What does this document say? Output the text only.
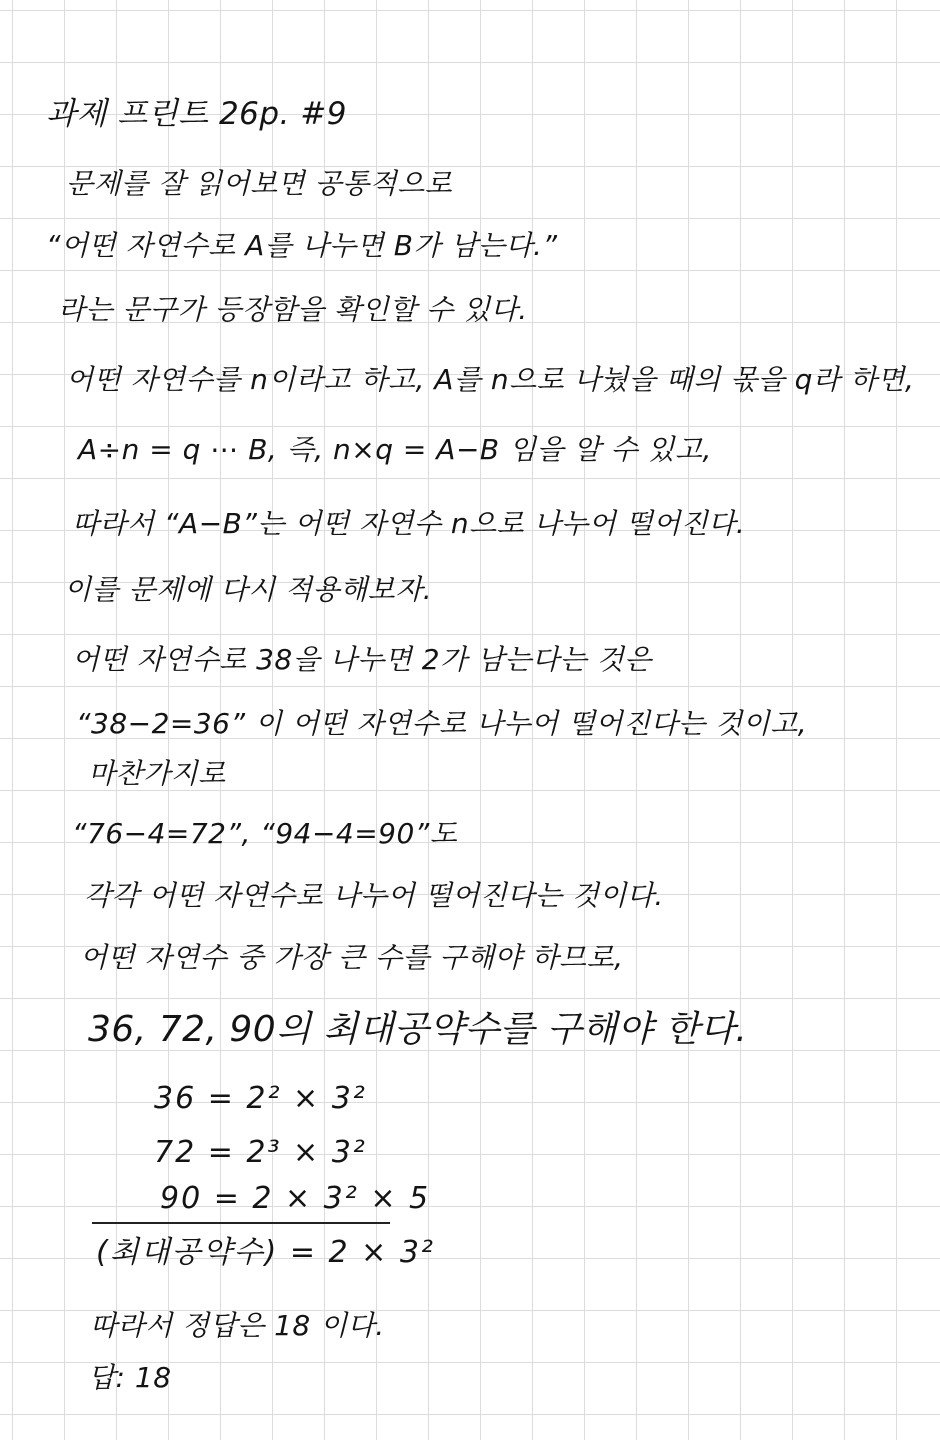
과제 프린트 26p. #9
문제를 잘 읽어보면 공통적으로
“어떤 자연수로 A를 나누면 B가 남는다.”
라는 문구가 등장함을 확인할 수 있다.
어떤 자연수를 n이라고 하고, A를 n으로 나눴을 때의 몫을 q라 하면,
A÷n = q ⋯ B, 즉, n×q = A−B 임을 알 수 있고,
따라서 “A−B”는 어떤 자연수 n으로 나누어 떨어진다.
이를 문제에 다시 적용해보자.
어떤 자연수로 38을 나누면 2가 남는다는 것은
“38−2=36” 이 어떤 자연수로 나누어 떨어진다는 것이고,
마찬가지로
“76−4=72”, “94−4=90”도
각각 어떤 자연수로 나누어 떨어진다는 것이다.
어떤 자연수 중 가장 큰 수를 구해야 하므로,
36, 72, 90의 최대공약수를 구해야 한다.
36 = 2² × 3²
72 = 2³ × 3²
90 = 2 × 3² × 5
(최대공약수) = 2 × 3²
따라서 정답은 18 이다.
답: 18
